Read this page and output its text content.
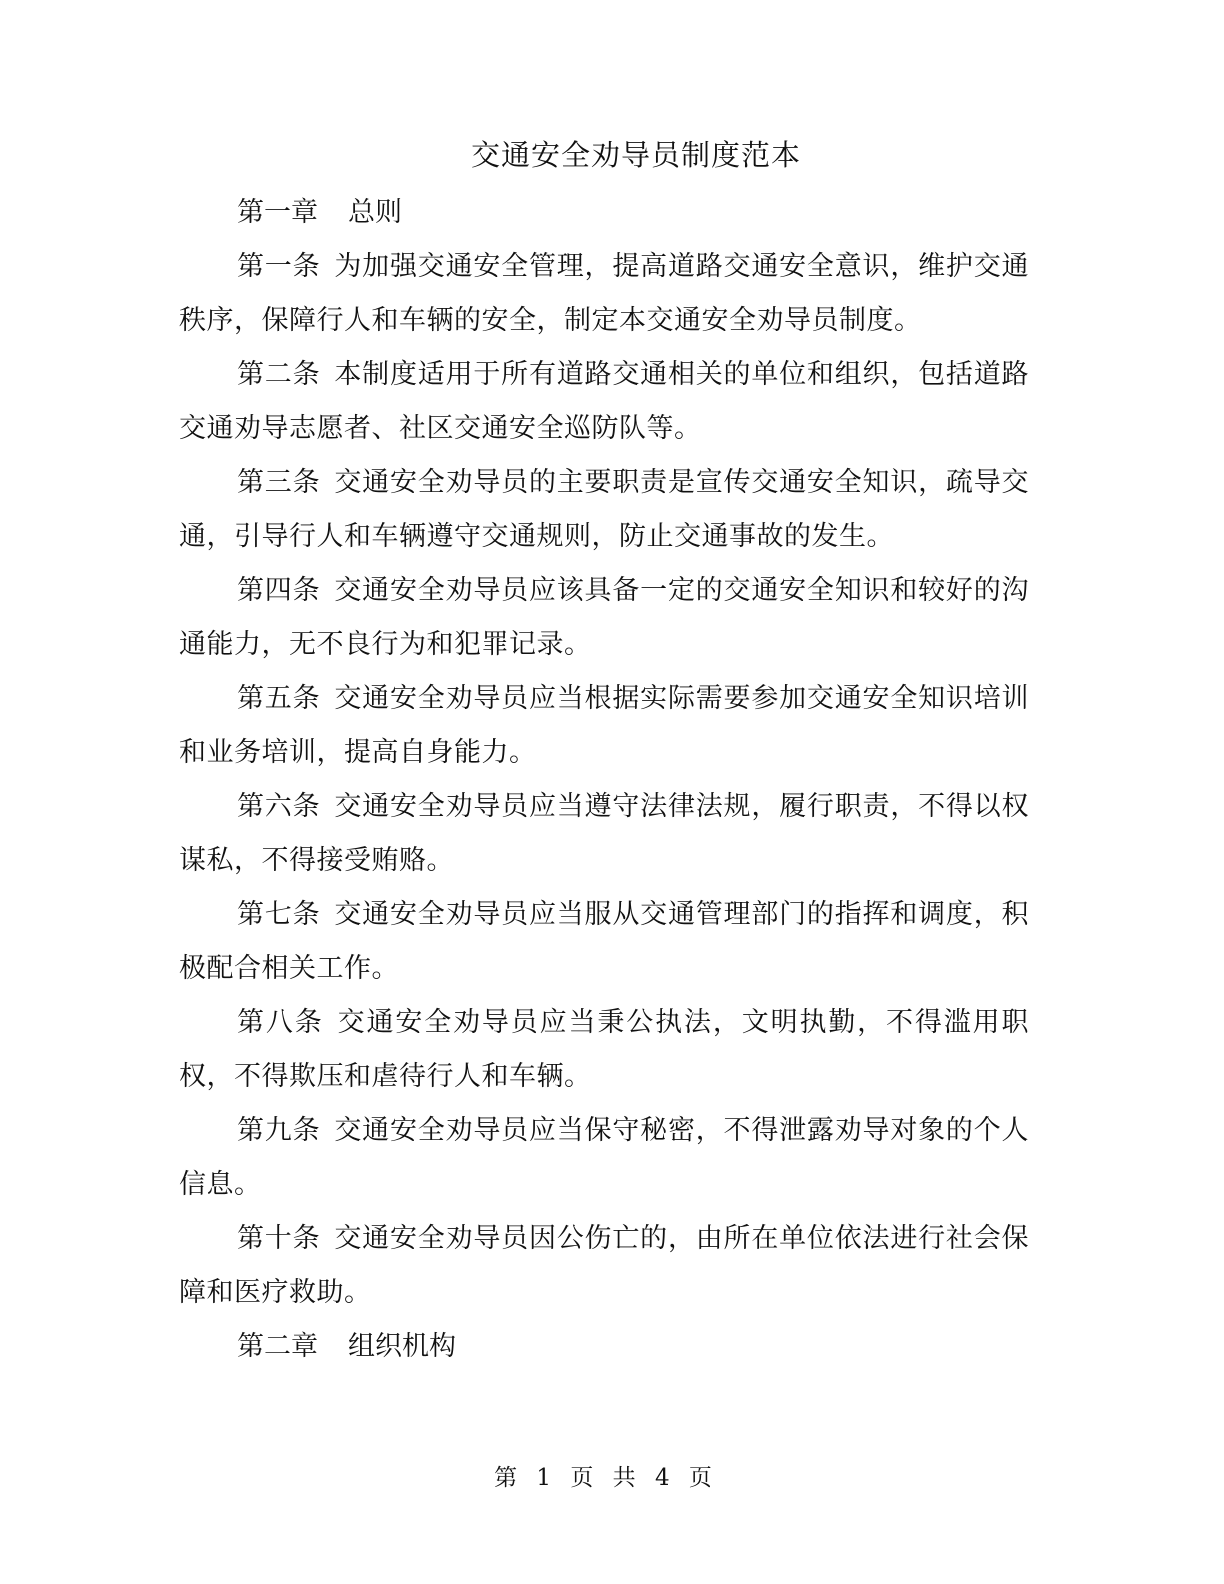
交通安全劝导员制度范本

第一章 总则

第一条 为加强交通安全管理，提高道路交通安全意识，维护交通秩序，保障行人和车辆的安全，制定本交通安全劝导员制度。

第二条 本制度适用于所有道路交通相关的单位和组织，包括道路交通劝导志愿者、社区交通安全巡防队等。

第三条 交通安全劝导员的主要职责是宣传交通安全知识，疏导交通，引导行人和车辆遵守交通规则，防止交通事故的发生。

第四条 交通安全劝导员应该具备一定的交通安全知识和较好的沟通能力，无不良行为和犯罪记录。

第五条 交通安全劝导员应当根据实际需要参加交通安全知识培训和业务培训，提高自身能力。

第六条 交通安全劝导员应当遵守法律法规，履行职责，不得以权谋私，不得接受贿赂。

第七条 交通安全劝导员应当服从交通管理部门的指挥和调度，积极配合相关工作。

第八条 交通安全劝导员应当秉公执法，文明执勤，不得滥用职权，不得欺压和虐待行人和车辆。

第九条 交通安全劝导员应当保守秘密，不得泄露劝导对象的个人信息。

第十条 交通安全劝导员因公伤亡的，由所在单位依法进行社会保障和医疗救助。

第二章 组织机构

第 1 页 共 4 页
